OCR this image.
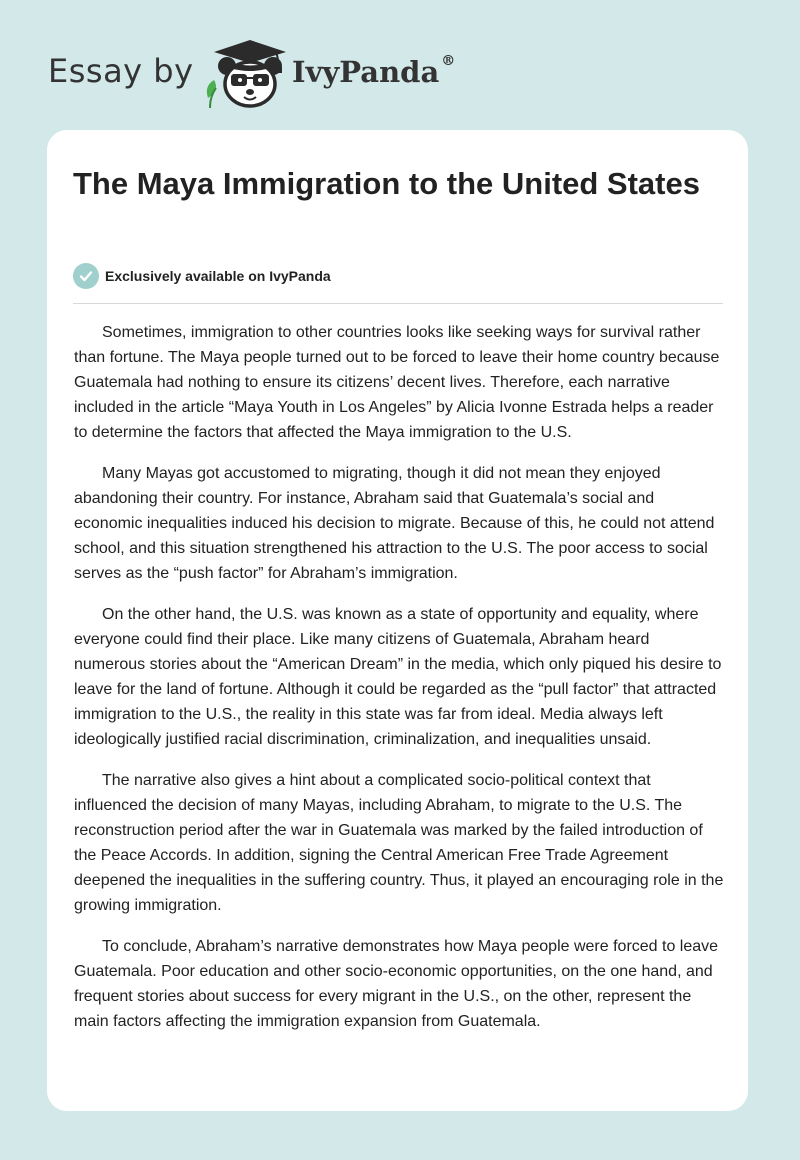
Essay by	IvyPanda ®
The Maya Immigration to the United States
Exclusively available on IvyPanda

Sometimes, immigration to other countries looks like seeking ways for survival rather than fortune. The Maya people turned out to be forced to leave their home country because Guatemala had nothing to ensure its citizens’ decent lives. Therefore, each narrative included in the article “Maya Youth in Los Angeles” by Alicia Ivonne Estrada helps a reader to determine the factors that affected the Maya immigration to the U.S.

Many Mayas got accustomed to migrating, though it did not mean they enjoyed abandoning their country. For instance, Abraham said that Guatemala’s social and economic inequalities induced his decision to migrate. Because of this, he could not attend school, and this situation strengthened his attraction to the U.S. The poor access to social serves as the “push factor” for Abraham’s immigration.

On the other hand, the U.S. was known as a state of opportunity and equality, where everyone could find their place. Like many citizens of Guatemala, Abraham heard numerous stories about the “American Dream” in the media, which only piqued his desire to leave for the land of fortune. Although it could be regarded as the “pull factor” that attracted immigration to the U.S., the reality in this state was far from ideal. Media always left ideologically justified racial discrimination, criminalization, and inequalities unsaid.

The narrative also gives a hint about a complicated socio-political context that influenced the decision of many Mayas, including Abraham, to migrate to the U.S. The reconstruction period after the war in Guatemala was marked by the failed introduction of the Peace Accords. In addition, signing the Central American Free Trade Agreement deepened the inequalities in the suffering country. Thus, it played an encouraging role in the growing immigration.

To conclude, Abraham’s narrative demonstrates how Maya people were forced to leave Guatemala. Poor education and other socio-economic opportunities, on the one hand, and frequent stories about success for every migrant in the U.S., on the other, represent the main factors affecting the immigration expansion from Guatemala.
